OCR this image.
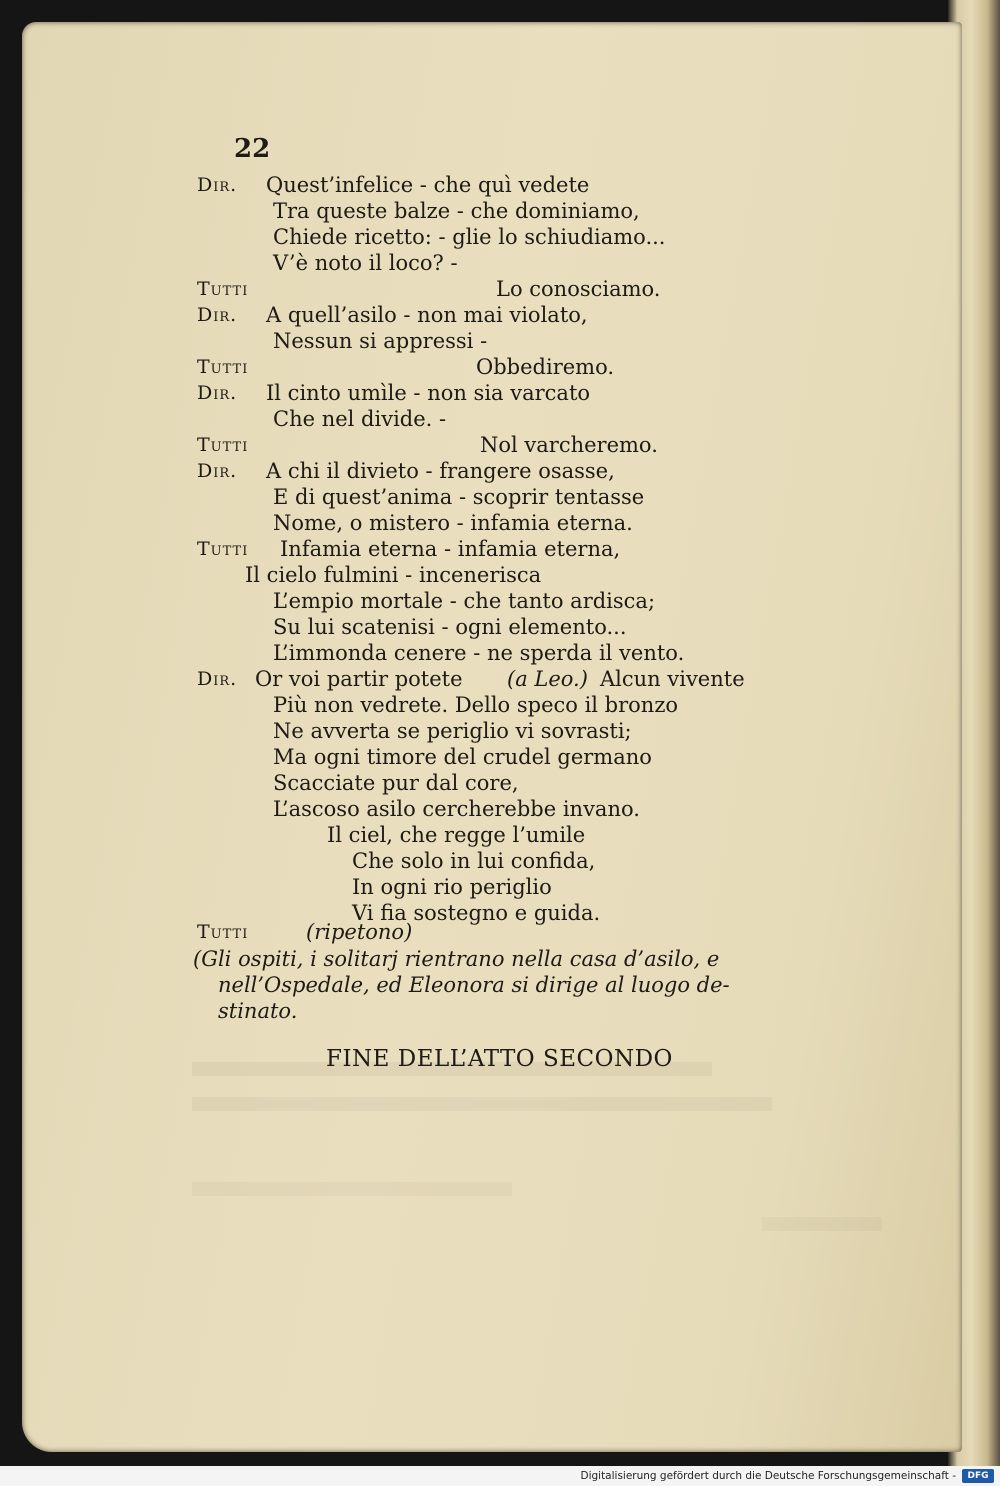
22
Dir.
Tutti
Dir.
Tutti
Dir.
Tutti
Dir.
Tutti
Dir.
Tutti
Quest’infelice - che quì vedete
Tra queste balze - che dominiamo,
Chiede ricetto: - glie lo schiudiamo...
V’è noto il loco? -
Lo conosciamo.
A quell’asilo - non mai violato,
Nessun si appressi -
Obbediremo.
Il cinto umìle - non sia varcato
Che nel divide. -
Nol varcheremo.
A chi il divieto - frangere osasse,
E di quest’anima - scoprir tentasse
Nome, o mistero - infamia eterna.
Infamia eterna - infamia eterna,
Il cielo fulmini - incenerisca
L’empio mortale - che tanto ardisca;
Su lui scatenisi - ogni elemento...
L’immonda cenere - ne sperda il vento.
Or voi partir potete (a Leo.) Alcun vivente
Più non vedrete. Dello speco il bronzo
Ne avverta se periglio vi sovrasti;
Ma ogni timore del crudel germano
Scacciate pur dal core,
L’ascoso asilo cercherebbe invano.
Il ciel, che regge l’umile
Che solo in lui confida,
In ogni rio periglio
Vi fia sostegno e guida.
(ripetono)
(Gli ospiti, i solitarj rientrano nella casa d’asilo, e
nell’Ospedale, ed Eleonora si dirige al luogo de-
stinato.
FINE DELL’ATTO SECONDO
Digitalisierung gefördert durch die Deutsche Forschungsgemeinschaft -	DFG
